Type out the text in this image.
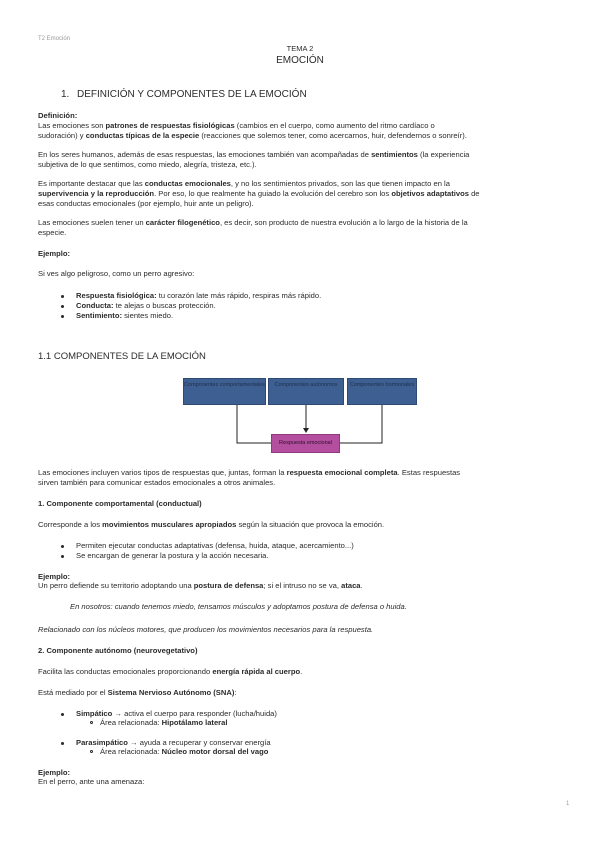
T2 Emoción
TEMA 2
EMOCIÓN
1. DEFINICIÓN Y COMPONENTES DE LA EMOCIÓN

Definición:

Las emociones son patrones de respuestas fisiológicas (cambios en el cuerpo, como aumento del ritmo cardíaco o

sudoración) y conductas típicas de la especie (reacciones que solemos tener, como acercarnos, huir, defendernos o sonreír).

En los seres humanos, además de esas respuestas, las emociones también van acompañadas de sentimientos (la experiencia

subjetiva de lo que sentimos, como miedo, alegría, tristeza, etc.).

Es importante destacar que las conductas emocionales, y no los sentimientos privados, son las que tienen impacto en la

supervivencia y la reproducción. Por eso, lo que realmente ha guiado la evolución del cerebro son los objetivos adaptativos de

esas conductas emocionales (por ejemplo, huir ante un peligro).

Las emociones suelen tener un carácter filogenético, es decir, son producto de nuestra evolución a lo largo de la historia de la

especie.

Ejemplo:
Si ves algo peligroso, como un perro agresivo:
Respuesta fisiológica: tu corazón late más rápido, respiras más rápido.
Conducta: te alejas o buscas protección.
Sentimiento: sientes miedo.
1.1 COMPONENTES DE LA EMOCIÓN
Componentes comportamentales	Componentes autónomos	Componentes hormonales
Respuesta emocional

Las emociones incluyen varios tipos de respuestas que, juntas, forman la respuesta emocional completa. Estas respuestas

sirven también para comunicar estados emocionales a otros animales.

1. Componente comportamental (conductual)
Corresponde a los movimientos musculares apropiados según la situación que provoca la emoción.
Permiten ejecutar conductas adaptativas (defensa, huida, ataque, acercamiento...)
Se encargan de generar la postura y la acción necesaria.
Ejemplo:
Un perro defiende su territorio adoptando una postura de defensa; si el intruso no se va, ataca.
En nosotros: cuando tenemos miedo, tensamos músculos y adoptamos postura de defensa o huida.
Relacionado con los núcleos motores, que producen los movimientos necesarios para la respuesta.
2. Componente autónomo (neurovegetativo)
Facilita las conductas emocionales proporcionando energía rápida al cuerpo.
Está mediado por el Sistema Nervioso Autónomo (SNA):
Simpático → activa el cuerpo para responder (lucha/huida)
Área relacionada: Hipotálamo lateral
Parasimpático → ayuda a recuperar y conservar energía
Área relacionada: Núcleo motor dorsal del vago
Ejemplo:
En el perro, ante una amenaza:
1
